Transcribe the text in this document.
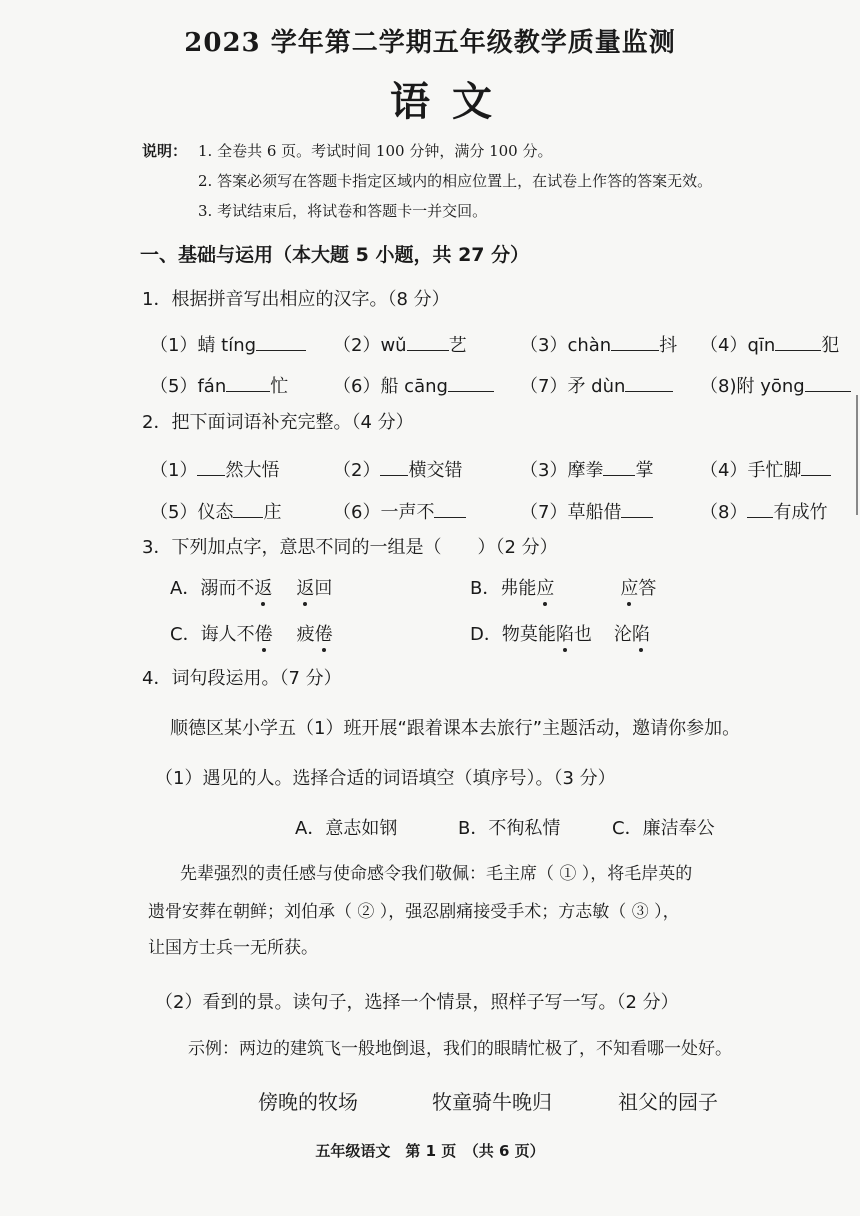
2023 学年第二学期五年级教学质量监测
语文
说明： 1. 全卷共 6 页。考试时间 100 分钟，满分 100 分。
2. 答案必须写在答题卡指定区域内的相应位置上，在试卷上作答的答案无效。
3. 考试结束后，将试卷和答题卡一并交回。
一、基础与运用（本大题 5 小题，共 27 分）
1．根据拼音写出相应的汉字。（8 分）
（1）蜻 tíng	（2）wǔ 艺	（3）chàn	抖 （4）qīn	犯
（5）fán 忙 （6）船 cāng	（7）矛 dùn	（8)附 yōng
2．把下面词语补充完整。（4 分）
（1） 然大悟	（2） 横交错	（3）摩拳 掌	（4）手忙脚
（5）仪态 庄	（6）一声不	（7）草船借	（8） 有成竹
3．下列加点字，意思不同的一组是（　　）（2 分）
A．溺而不返 返回	B．弗能应	应答
C．诲人不倦 疲倦	D．物莫能陷也 沦陷
4．词句段运用。（7 分）
顺德区某小学五（1）班开展“跟着课本去旅行”主题活动，邀请你参加。
（1）遇见的人。选择合适的词语填空（填序号）。（3 分）
A．意志如钢	B．不徇私情	C．廉洁奉公
先辈强烈的责任感与使命感令我们敬佩：毛主席（ ① ），将毛岸英的
遗骨安葬在朝鲜；刘伯承（ ② ），强忍剧痛接受手术；方志敏（ ③ ），
让国方士兵一无所获。
（2）看到的景。读句子，选择一个情景，照样子写一写。（2 分）
示例：两边的建筑飞一般地倒退，我们的眼睛忙极了，不知看哪一处好。
傍晚的牧场	牧童骑牛晚归	祖父的园子
五年级语文　第 1 页　（共 6 页）
